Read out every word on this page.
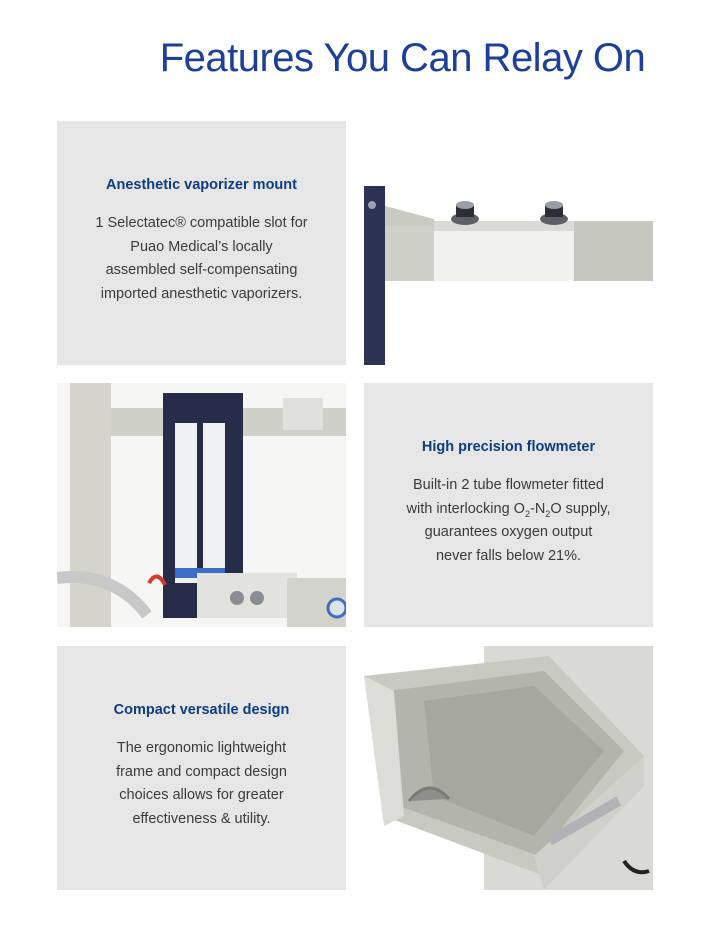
Features You Can Relay On
Anesthetic vaporizer mount
1 Selectatec® compatible slot for
Puao Medical’s locally
assembled self-compensating
imported anesthetic vaporizers.
High precision flowmeter
Built-in 2 tube flowmeter fitted
with interlocking $O_2-N_2O$ supply,
guarantees oxygen output
never falls below 21%.
Compact versatile design
The ergonomic lightweight
frame and compact design
choices allows for greater
effectiveness & utility.
